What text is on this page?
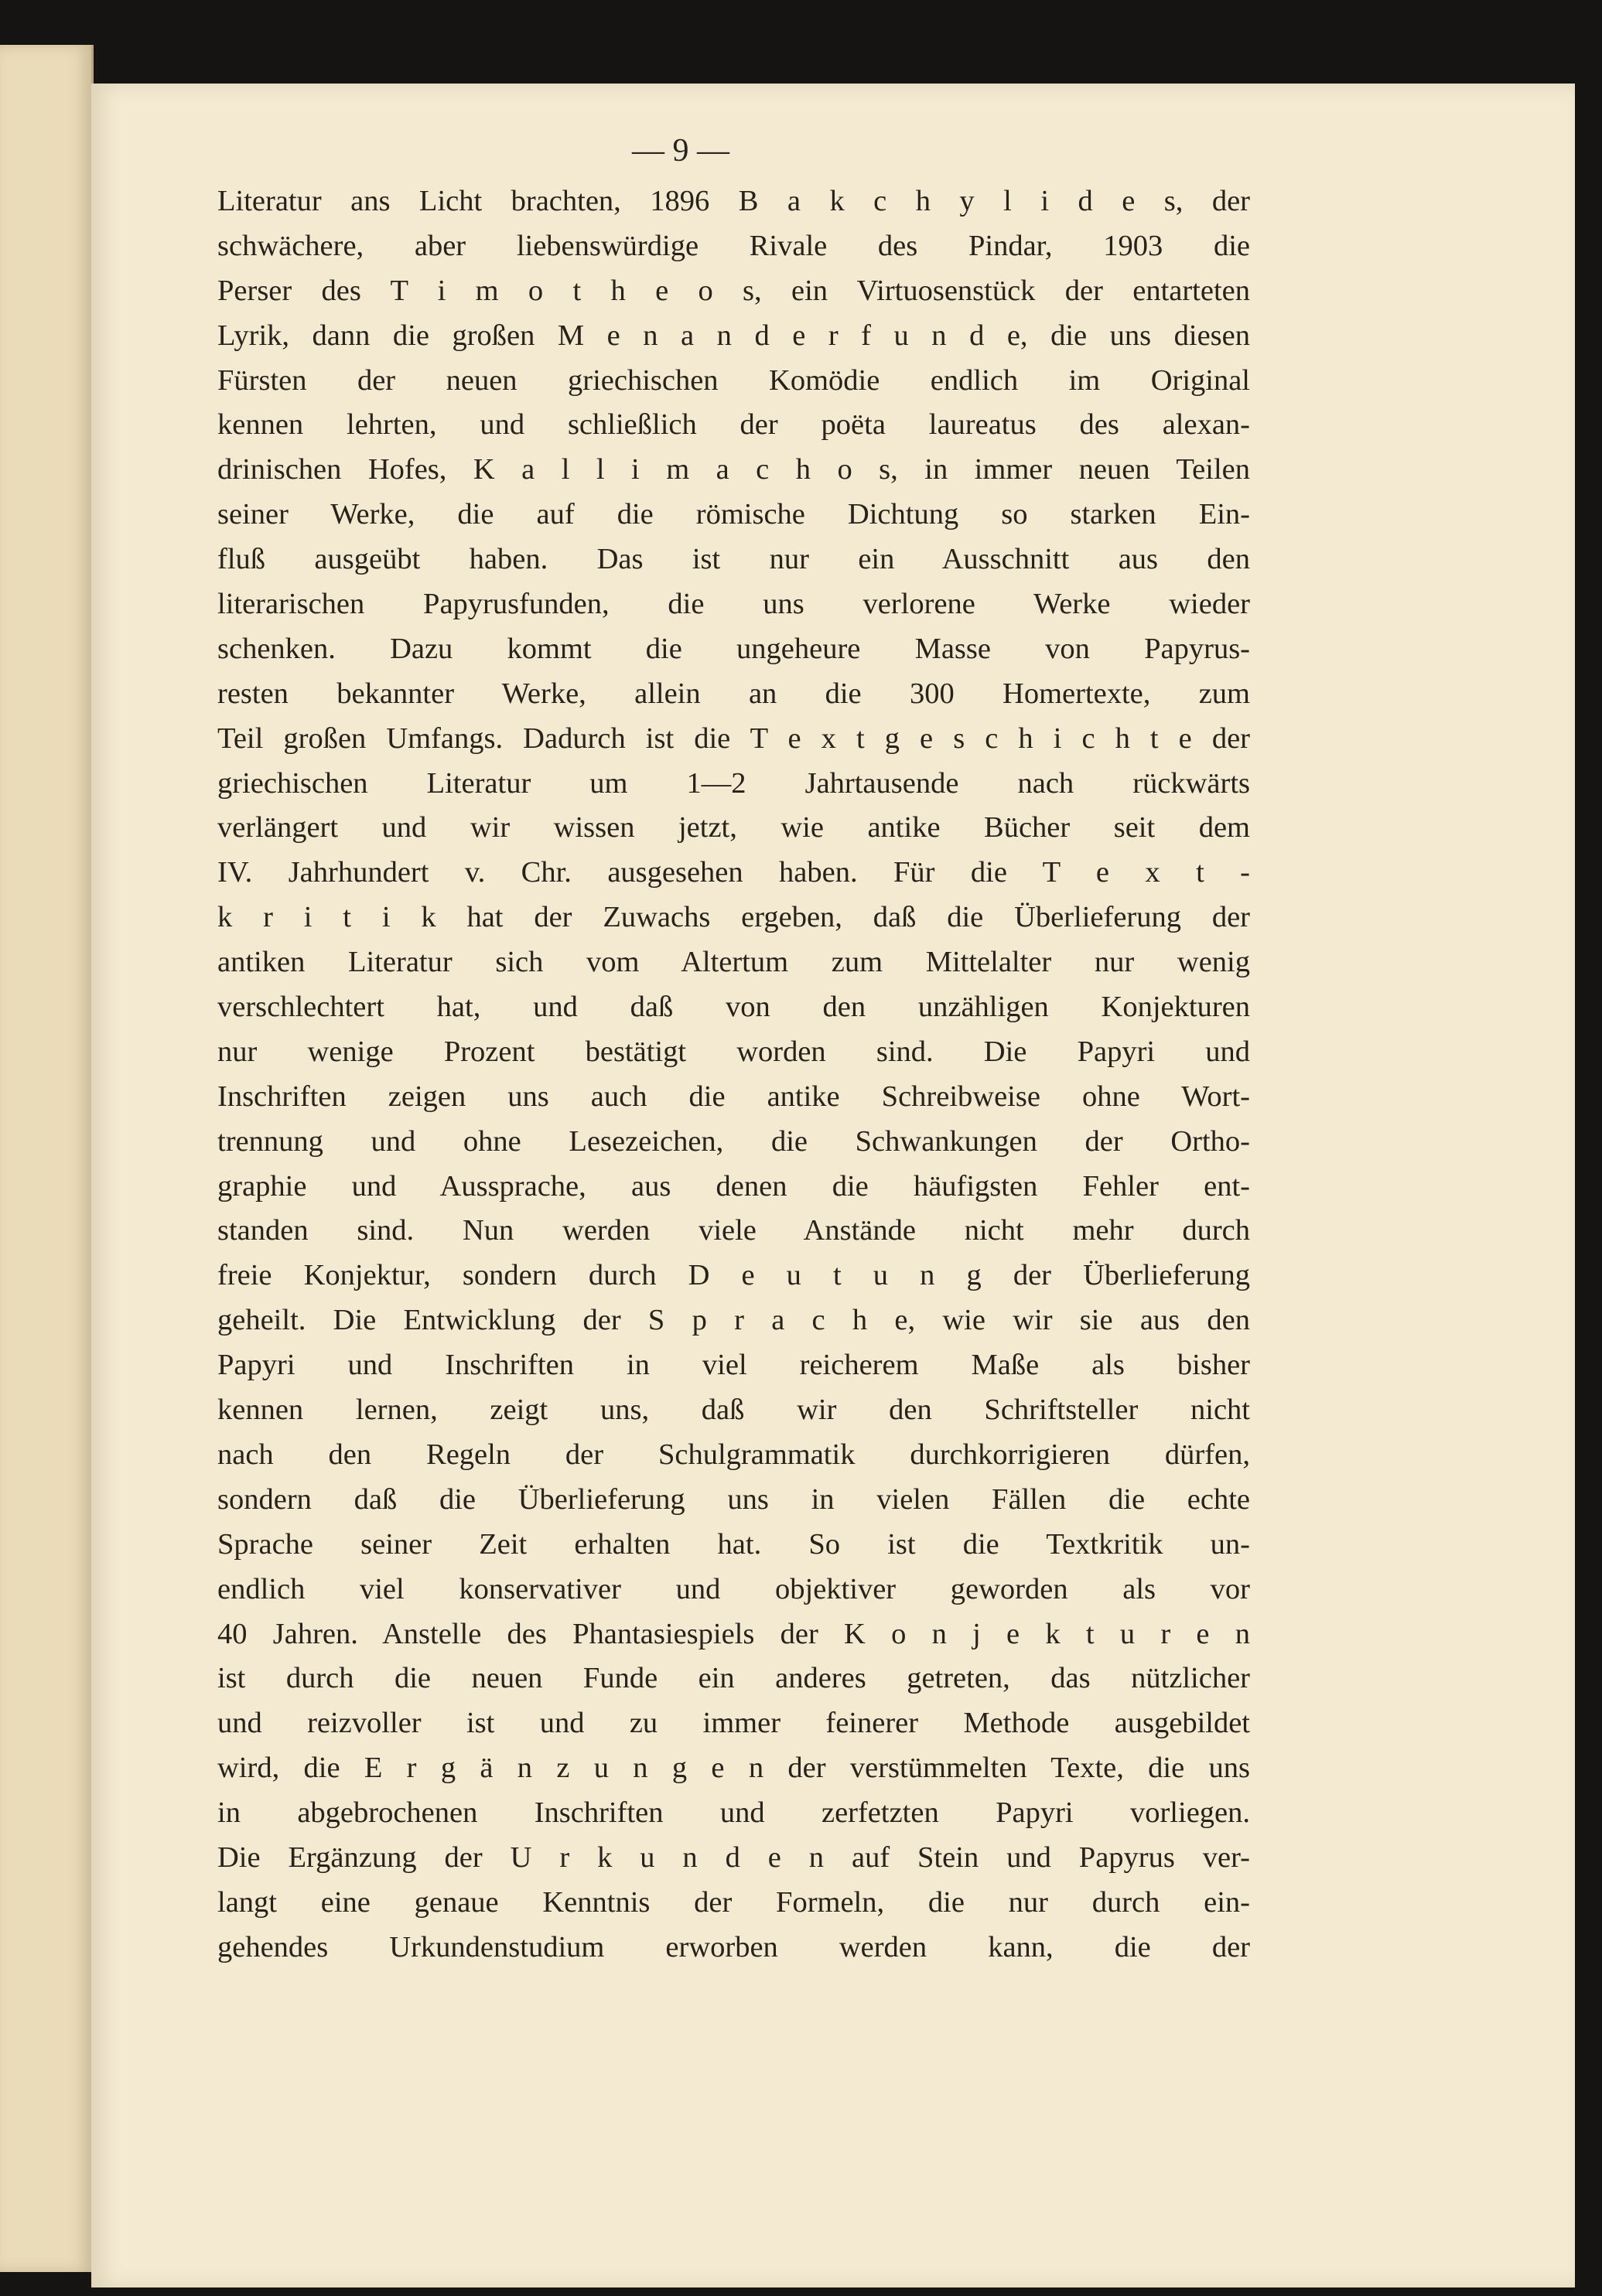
— 9 —
Literatur ans Licht brachten, 1896 B a k c h y l i d e s, der
schwächere, aber liebenswürdige Rivale des Pindar, 1903 die
Perser des T i m o t h e o s, ein Virtuosenstück der entarteten
Lyrik, dann die großen M e n a n d e r f u n d e, die uns diesen
Fürsten der neuen griechischen Komödie endlich im Original
kennen lehrten, und schließlich der poëta laureatus des alexan-
drinischen Hofes, K a l l i m a c h o s, in immer neuen Teilen
seiner Werke, die auf die römische Dichtung so starken Ein-
fluß ausgeübt haben. Das ist nur ein Ausschnitt aus den
literarischen Papyrusfunden, die uns verlorene Werke wieder
schenken. Dazu kommt die ungeheure Masse von Papyrus-
resten bekannter Werke, allein an die 300 Homertexte, zum
Teil großen Umfangs. Dadurch ist die T e x t g e s c h i c h t e der
griechischen Literatur um 1—2 Jahrtausende nach rückwärts
verlängert und wir wissen jetzt, wie antike Bücher seit dem
IV. Jahrhundert v. Chr. ausgesehen haben. Für die T e x t -
k r i t i k hat der Zuwachs ergeben, daß die Überlieferung der
antiken Literatur sich vom Altertum zum Mittelalter nur wenig
verschlechtert hat, und daß von den unzähligen Konjekturen
nur wenige Prozent bestätigt worden sind. Die Papyri und
Inschriften zeigen uns auch die antike Schreibweise ohne Wort-
trennung und ohne Lesezeichen, die Schwankungen der Ortho-
graphie und Aussprache, aus denen die häufigsten Fehler ent-
standen sind. Nun werden viele Anstände nicht mehr durch
freie Konjektur, sondern durch D e u t u n g der Überlieferung
geheilt. Die Entwicklung der S p r a c h e, wie wir sie aus den
Papyri und Inschriften in viel reicherem Maße als bisher
kennen lernen, zeigt uns, daß wir den Schriftsteller nicht
nach den Regeln der Schulgrammatik durchkorrigieren dürfen,
sondern daß die Überlieferung uns in vielen Fällen die echte
Sprache seiner Zeit erhalten hat. So ist die Textkritik un-
endlich viel konservativer und objektiver geworden als vor
40 Jahren. Anstelle des Phantasiespiels der K o n j e k t u r e n
ist durch die neuen Funde ein anderes getreten, das nützlicher
und reizvoller ist und zu immer feinerer Methode ausgebildet
wird, die E r g ä n z u n g e n der verstümmelten Texte, die uns
in abgebrochenen Inschriften und zerfetzten Papyri vorliegen.
Die Ergänzung der U r k u n d e n auf Stein und Papyrus ver-
langt eine genaue Kenntnis der Formeln, die nur durch ein-
gehendes Urkundenstudium erworben werden kann, die der
